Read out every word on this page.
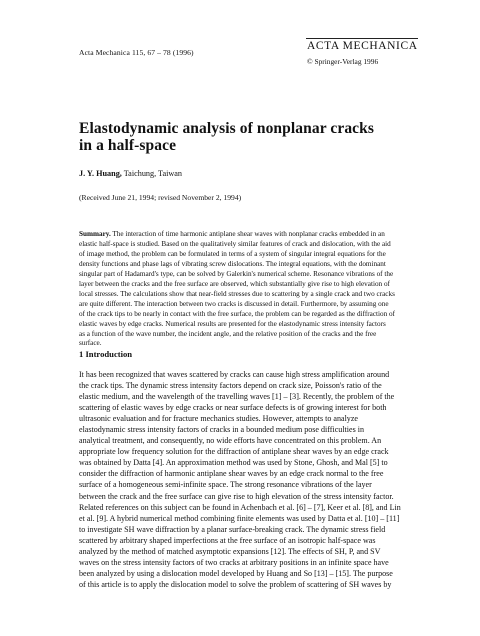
Acta Mechanica 115, 67 – 78 (1996)
ACTA MECHANICA
© Springer-Verlag 1996
Elastodynamic analysis of nonplanar cracks
in a half-space
J. Y. Huang, Taichung, Taiwan
(Received June 21, 1994; revised November 2, 1994)
Summary. The interaction of time harmonic antiplane shear waves with nonplanar cracks embedded in an
elastic half-space is studied. Based on the qualitatively similar features of crack and dislocation, with the aid
of image method, the problem can be formulated in terms of a system of singular integral equations for the
density functions and phase lags of vibrating screw dislocations. The integral equations, with the dominant
singular part of Hadamard's type, can be solved by Galerkin's numerical scheme. Resonance vibrations of the
layer between the cracks and the free surface are observed, which substantially give rise to high elevation of
local stresses. The calculations show that near-field stresses due to scattering by a single crack and two cracks
are quite different. The interaction between two cracks is discussed in detail. Furthermore, by assuming one
of the crack tips to be nearly in contact with the free surface, the problem can be regarded as the diffraction of
elastic waves by edge cracks. Numerical results are presented for the elastodynamic stress intensity factors
as a function of the wave number, the incident angle, and the relative position of the cracks and the free
surface.
1 Introduction
It has been recognized that waves scattered by cracks can cause high stress amplification around
the crack tips. The dynamic stress intensity factors depend on crack size, Poisson's ratio of the
elastic medium, and the wavelength of the travelling waves [1] – [3]. Recently, the problem of the
scattering of elastic waves by edge cracks or near surface defects is of growing interest for both
ultrasonic evaluation and for fracture mechanics studies. However, attempts to analyze
elastodynamic stress intensity factors of cracks in a bounded medium pose difficulties in
analytical treatment, and consequently, no wide efforts have concentrated on this problem. An
appropriate low frequency solution for the diffraction of antiplane shear waves by an edge crack
was obtained by Datta [4]. An approximation method was used by Stone, Ghosh, and Mal [5] to
consider the diffraction of harmonic antiplane shear waves by an edge crack normal to the free
surface of a homogeneous semi-infinite space. The strong resonance vibrations of the layer
between the crack and the free surface can give rise to high elevation of the stress intensity factor.
Related references on this subject can be found in Achenbach et al. [6] – [7], Keer et al. [8], and Lin
et al. [9]. A hybrid numerical method combining finite elements was used by Datta et al. [10] – [11]
to investigate SH wave diffraction by a planar surface-breaking crack. The dynamic stress field
scattered by arbitrary shaped imperfections at the free surface of an isotropic half-space was
analyzed by the method of matched asymptotic expansions [12]. The effects of SH, P, and SV
waves on the stress intensity factors of two cracks at arbitrary positions in an infinite space have
been analyzed by using a dislocation model developed by Huang and So [13] – [15]. The purpose
of this article is to apply the dislocation model to solve the problem of scattering of SH waves by
